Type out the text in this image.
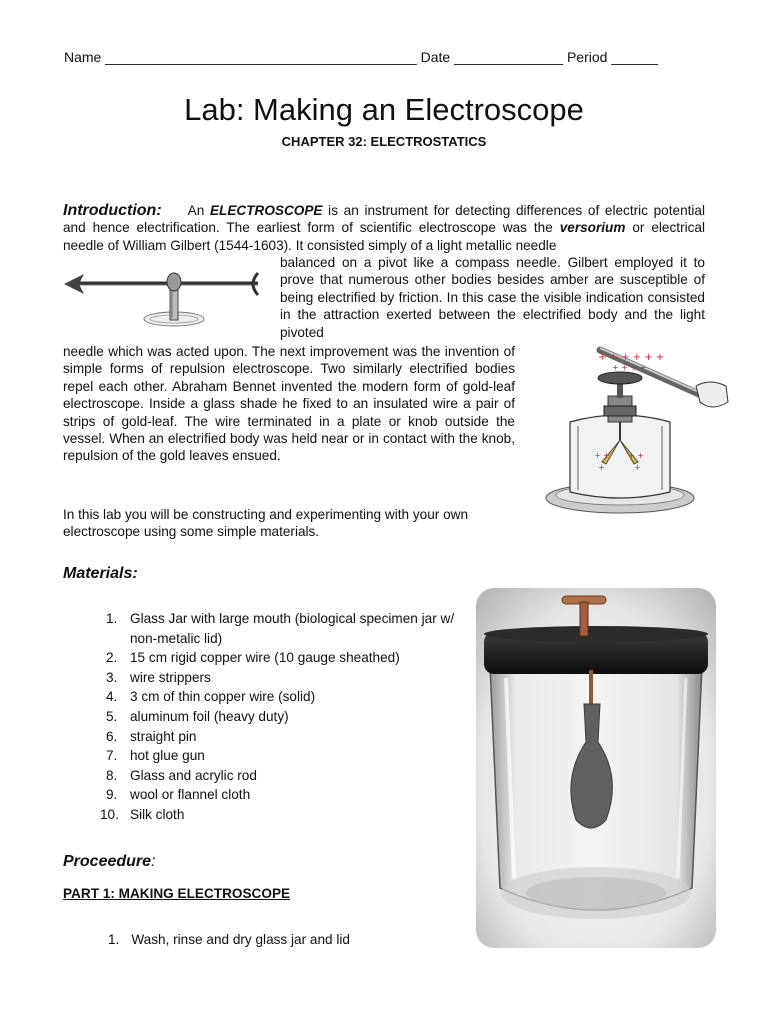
Name ________________________________________ Date ______________ Period ______
Lab: Making an Electroscope
CHAPTER 32: ELECTROSTATICS
Introduction: An ELECTROSCOPE is an instrument for detecting differences of electric potential and hence electrification. The earliest form of scientific electroscope was the versorium or electrical needle of William Gilbert (1544-1603). It consisted simply of a light metallic needle
balanced on a pivot like a compass needle. Gilbert employed it to prove that numerous other bodies besides amber are susceptible of being electrified by friction. In this case the visible indication consisted in the attraction exerted between the electrified body and the light pivoted
needle which was acted upon. The next improvement was the invention of simple forms of repulsion electroscope. Two similarly electrified bodies repel each other. Abraham Bennet invented the modern form of gold-leaf electroscope. Inside a glass shade he fixed to an insulated wire a pair of strips of gold-leaf. The wire terminated in a plate or knob outside the vessel. When an electrified body was held near or in contact with the knob, repulsion of the gold leaves ensued.
+ + + + + +
+ + + +
+ + + +
+	+
In this lab you will be constructing and experimenting with your own electroscope using some simple materials.
Materials:
1. Glass Jar with large mouth (biological specimen jar w/ non-metalic lid)
2. 15 cm rigid copper wire (10 gauge sheathed)
3. wire strippers
4. 3 cm of thin copper wire (solid)
5. aluminum foil (heavy duty)
6. straight pin
7. hot glue gun
8. Glass and acrylic rod
9. wool or flannel cloth
10. Silk cloth
Proceedure:
PART 1: MAKING ELECTROSCOPE
1. Wash, rinse and dry glass jar and lid
